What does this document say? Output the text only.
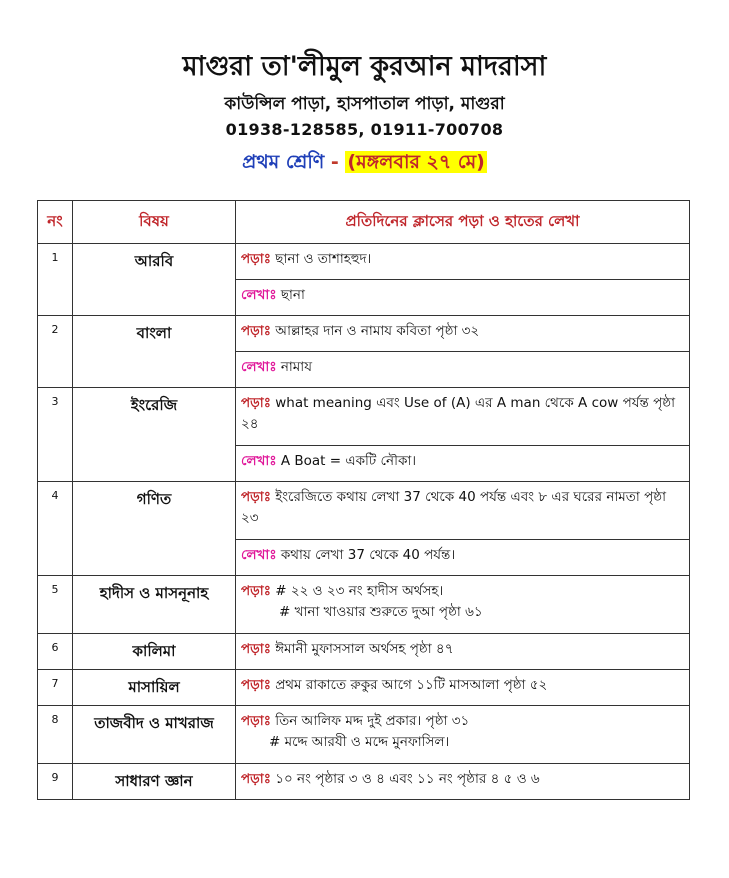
মাগুরা তা'লীমুল কুরআন মাদরাসা
কাউন্সিল পাড়া, হাসপাতাল পাড়া, মাগুরা
01938-128585, 01911-700708
প্রথম শ্রেণি - (মঙ্গলবার ২৭ মে)
নং	বিষয়	প্রতিদিনের ক্লাসের পড়া ও হাতের লেখা
1	আরবি	পড়াঃ ছানা ও তাশাহহুদ।
		লেখাঃ ছানা
2	বাংলা	পড়াঃ আল্লাহর দান ও নামায কবিতা পৃষ্ঠা ৩২
		লেখাঃ নামায
3	ইংরেজি	পড়াঃ what meaning এবং Use of (A) এর A man থেকে A cow পর্যন্ত পৃষ্ঠা ২৪
		লেখাঃ A Boat = একটি নৌকা।
4	গণিত	পড়াঃ ইংরেজিতে কথায় লেখা 37 থেকে 40 পর্যন্ত এবং ৮ এর ঘরের নামতা পৃষ্ঠা ২৩
		লেখাঃ কথায় লেখা 37 থেকে 40 পর্যন্ত।
5	হাদীস ও মাসনূনাহ	পড়াঃ # ২২ ও ২৩ নং হাদীস অর্থসহ।
# খানা খাওয়ার শুরুতে দুআ পৃষ্ঠা ৬১

6	কালিমা	পড়াঃ ঈমানী মুফাসসাল অর্থসহ পৃষ্ঠা ৪৭
7	মাসায়িল	পড়াঃ প্রথম রাকাতে রুকুর আগে ১১টি মাসআলা পৃষ্ঠা ৫২
8	তাজবীদ ও মাখরাজ	পড়াঃ তিন আলিফ মদ্দ দুই প্রকার। পৃষ্ঠা ৩১
# মদ্দে আরযী ও মদ্দে মুনফাসিল।

9	সাধারণ জ্ঞান	পড়াঃ ১০ নং পৃষ্ঠার ৩ ও ৪ এবং ১১ নং পৃষ্ঠার ৪ ৫ ও ৬
